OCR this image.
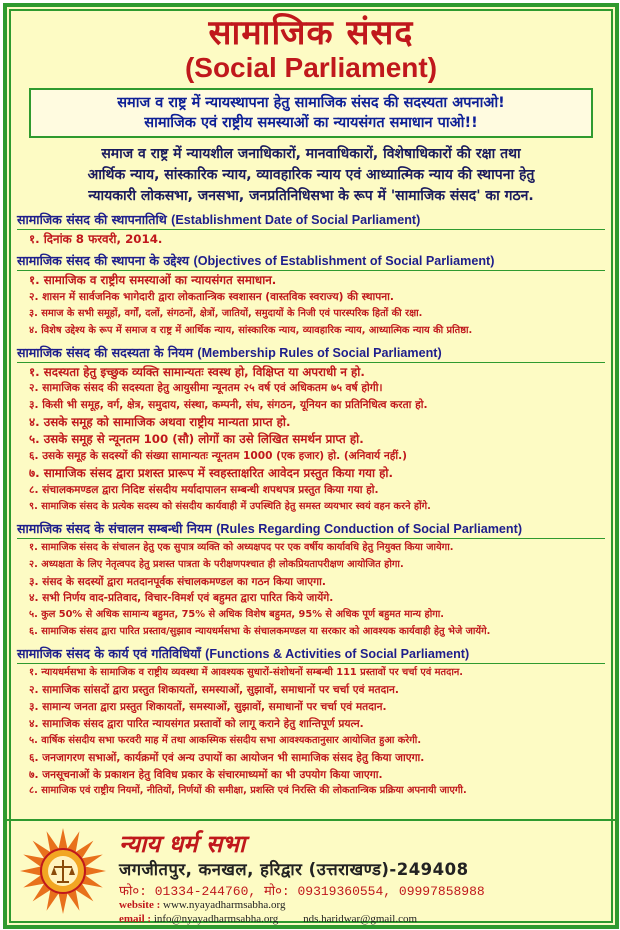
सामाजिक संसद
(Social Parliament)
समाज व राष्ट्र में न्यायस्थापना हेतु सामाजिक संसद की सदस्यता अपनाओ!
सामाजिक एवं राष्ट्रीय समस्याओं का न्यायसंगत समाधान पाओ!!
समाज व राष्ट्र में न्यायशील जनाधिकारों, मानवाधिकारों, विशेषाधिकारों की रक्षा तथा
आर्थिक न्याय, सांस्कारिक न्याय, व्यावहारिक न्याय एवं आध्यात्मिक न्याय की स्थापना हेतु
न्यायकारी लोकसभा, जनसभा, जनप्रतिनिधिसभा के रूप में 'सामाजिक संसद' का गठन.
सामाजिक संसद की स्थापनातिथि (Establishment Date of Social Parliament)
१. दिनांक 8 फरवरी, 2014.
सामाजिक संसद की स्थापना के उद्देश्य (Objectives of Establishment of Social Parliament)
१. सामाजिक व राष्ट्रीय समस्याओं का न्यायसंगत समाधान.
२. शासन में सार्वजनिक भागेदारी द्वारा लोकतान्त्रिक स्वशासन (वास्तविक स्वराज्य) की स्थापना.
३. समाज के सभी समूहों, वर्गों, दलों, संगठनों, क्षेत्रों, जातियों, समुदायों के निजी एवं पारस्परिक हितों की रक्षा.
४. विशेष उद्देश्य के रूप में समाज व राष्ट्र में आर्थिक न्याय, सांस्कारिक न्याय, व्यावहारिक न्याय, आध्यात्मिक न्याय की प्रतिष्ठा.
सामाजिक संसद की सदस्यता के नियम (Membership Rules of Social Parliament)
१. सदस्यता हेतु इच्छुक व्यक्ति सामान्यतः स्वस्थ हो, विक्षिप्त या अपराधी न हो.
२. सामाजिक संसद की सदस्यता हेतु आयुसीमा न्यूनतम २५ वर्ष एवं अधिकतम ७५ वर्ष होगी।
३. किसी भी समूह, वर्ग, क्षेत्र, समुदाय, संस्था, कम्पनी, संघ, संगठन, यूनियन का प्रतिनिधित्व करता हो.
४. उसके समूह को सामाजिक अथवा राष्ट्रीय मान्यता प्राप्त हो.
५. उसके समूह से न्यूनतम 100 (सौ) लोगों का उसे लिखित समर्थन प्राप्त हो.
६. उसके समूह के सदस्यों की संख्या सामान्यतः न्यूनतम 1000 (एक हजार) हो. (अनिवार्य नहीं.)
७. सामाजिक संसद द्वारा प्रशस्त प्रारूप में स्वहस्ताक्षरित आवेदन प्रस्तुत किया गया हो.
८. संचालकमण्डल द्वारा निदिष्ट संसदीय मर्यादापालन सम्बन्धी शपथपत्र प्रस्तुत किया गया हो.
९. सामाजिक संसद के प्रत्येक सदस्य को संसदीय कार्यवाही में उपस्थिति हेतु समस्त व्ययभार स्वयं वहन करने होंगे.
सामाजिक संसद के संचालन सम्बन्धी नियम (Rules Regarding Conduction of Social Parliament)
१. सामाजिक संसद के संचालन हेतु एक सुपात्र व्यक्ति को अध्यक्षपद पर एक वर्षीय कार्यावधि हेतु नियुक्त किया जायेगा.
२. अध्यक्षता के लिए नेतृत्वपद हेतु प्रशस्त पात्रता के परीक्षणपश्चात ही लोकप्रियतापरीक्षण आयोजित होगा.
३. संसद के सदस्यों द्वारा मतदानपूर्वक संचालकमण्डल का गठन किया जाएगा.
४. सभी निर्णय वाद-प्रतिवाद, विचार-विमर्श एवं बहुमत द्वारा पारित किये जायेंगे.
५. कुल 50% से अधिक सामान्य बहुमत, 75% से अधिक विशेष बहुमत, 95% से अधिक पूर्ण बहुमत मान्य होगा.
६. सामाजिक संसद द्वारा पारित प्रस्ताव/सुझाव न्यायधर्मसभा के संचालकमण्डल या सरकार को आवश्यक कार्यवाही हेतु भेजे जायेंगे.
सामाजिक संसद के कार्य एवं गतिविधियाँ (Functions & Activities of Social Parliament)
१. न्यायधर्मसभा के सामाजिक व राष्ट्रीय व्यवस्था में आवश्यक सुधारों-संशोधनों सम्बन्धी 111 प्रस्तावों पर चर्चा एवं मतदान.
२. सामाजिक सांसदों द्वारा प्रस्तुत शिकायतों, समस्याओं, सुझावों, समाधानों पर चर्चा एवं मतदान.
३. सामान्य जनता द्वारा प्रस्तुत शिकायतों, समस्याओं, सुझावों, समाधानों पर चर्चा एवं मतदान.
४. सामाजिक संसद द्वारा पारित न्यायसंगत प्रस्तावों को लागू कराने हेतु शान्तिपूर्ण प्रयत्न.
५. वार्षिक संसदीय सभा फरवरी माह में तथा आकस्मिक संसदीय सभा आवश्यकतानुसार आयोजित हुआ करेगी.
६. जनजागरण सभाओं, कार्यक्रमों एवं अन्य उपायों का आयोजन भी सामाजिक संसद हेतु किया जाएगा.
७. जनसूचनाओं के प्रकाशन हेतु विविध प्रकार के संचारमाध्यमों का भी उपयोग किया जाएगा.
८. सामाजिक एवं राष्ट्रीय नियमों, नीतियों, निर्णयों की समीक्षा, प्रशस्ति एवं निरस्ति की लोकतान्त्रिक प्रक्रिया अपनायी जाएगी.
न्याय धर्म सभा
जगजीतपुर, कनखल, हरिद्वार (उत्तराखण्ड)-249408
फो०: 01334-244760, मो०: 09319360554, 09997858988
website : www.nyayadharmsabha.org
email : info@nyayadharmsabha.org nds.haridwar@gmail.com
